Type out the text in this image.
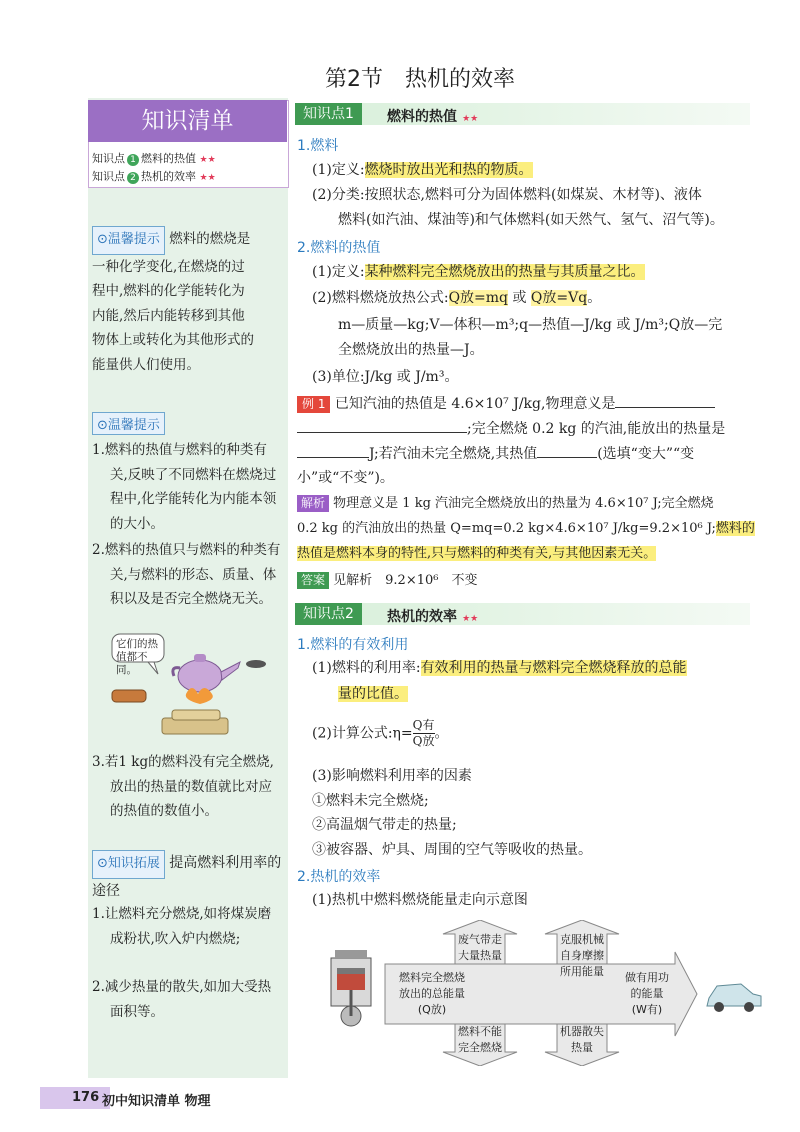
第2节　热机的效率
知识清单
知识点 1 燃料的热值 ★★
知识点 2 热机的效率 ★★
⊙温馨提示 燃料的燃烧是
一种化学变化,在燃烧的过
程中,燃料的化学能转化为
内能,然后内能转移到其他
物体上或转化为其他形式的
能量供人们使用。
⊙温馨提示
1.燃料的热值与燃料的种类有关,反映了不同燃料在燃烧过程中,化学能转化为内能本领的大小。
2.燃料的热值只与燃料的种类有关,与燃料的形态、质量、体积以及是否完全燃烧无关。
它们的热值都不同。
3.若1 kg的燃料没有完全燃烧,放出的热量的数值就比对应的热值的数值小。
⊙知识拓展 提高燃料利用率的途径
1.让燃料充分燃烧,如将煤炭磨成粉状,吹入炉内燃烧;
2.减少热量的散失,如加大受热面积等。
知识点1	燃料的热值 ★★
1.燃料
(1)定义:燃烧时放出光和热的物质。
(2)分类:按照状态,燃料可分为固体燃料(如煤炭、木材等)、液体
燃料(如汽油、煤油等)和气体燃料(如天然气、氢气、沼气等)。
2.燃料的热值
(1)定义:某种燃料完全燃烧放出的热量与其质量之比。
(2)燃料燃烧放热公式:Q放=mq 或 Q放=Vq。
m—质量—kg;V—体积—m³;q—热值—J/kg 或 J/m³;Q放—完
全燃烧放出的热量—J。
(3)单位:J/kg 或 J/m³。
例 1 已知汽油的热值是 4.6×10⁷ J/kg,物理意义是
;完全燃烧 0.2 kg 的汽油,能放出的热量是
J;若汽油未完全燃烧,其热值	(选填“变大”“变
小”或“不变”)。
解析 物理意义是 1 kg 汽油完全燃烧放出的热量为 4.6×10⁷ J;完全燃烧
0.2 kg 的汽油放出的热量 Q=mq=0.2 kg×4.6×10⁷ J/kg=9.2×10⁶ J;燃料的
热值是燃料本身的特性,只与燃料的种类有关,与其他因素无关。
答案 见解析　9.2×10⁶　不变
知识点2	热机的效率 ★★
1.燃料的有效利用
(1)燃料的利用率:有效利用的热量与燃料完全燃烧释放的总能
量的比值。
(2)计算公式:η=
Q有
Q放 。
(3)影响燃料利用率的因素
①燃料未完全燃烧;
②高温烟气带走的热量;
③被容器、炉具、周围的空气等吸收的热量。
2.热机的效率
(1)热机中燃料燃烧能量走向示意图
燃料完全燃烧
放出的总能量
(Q放)
废气带走
大量热量
克服机械
自身摩擦
所用能量	做有用功
的能量
(W有)
燃料不能
完全燃烧
机器散失
热量
176 初中知识清单 物理
